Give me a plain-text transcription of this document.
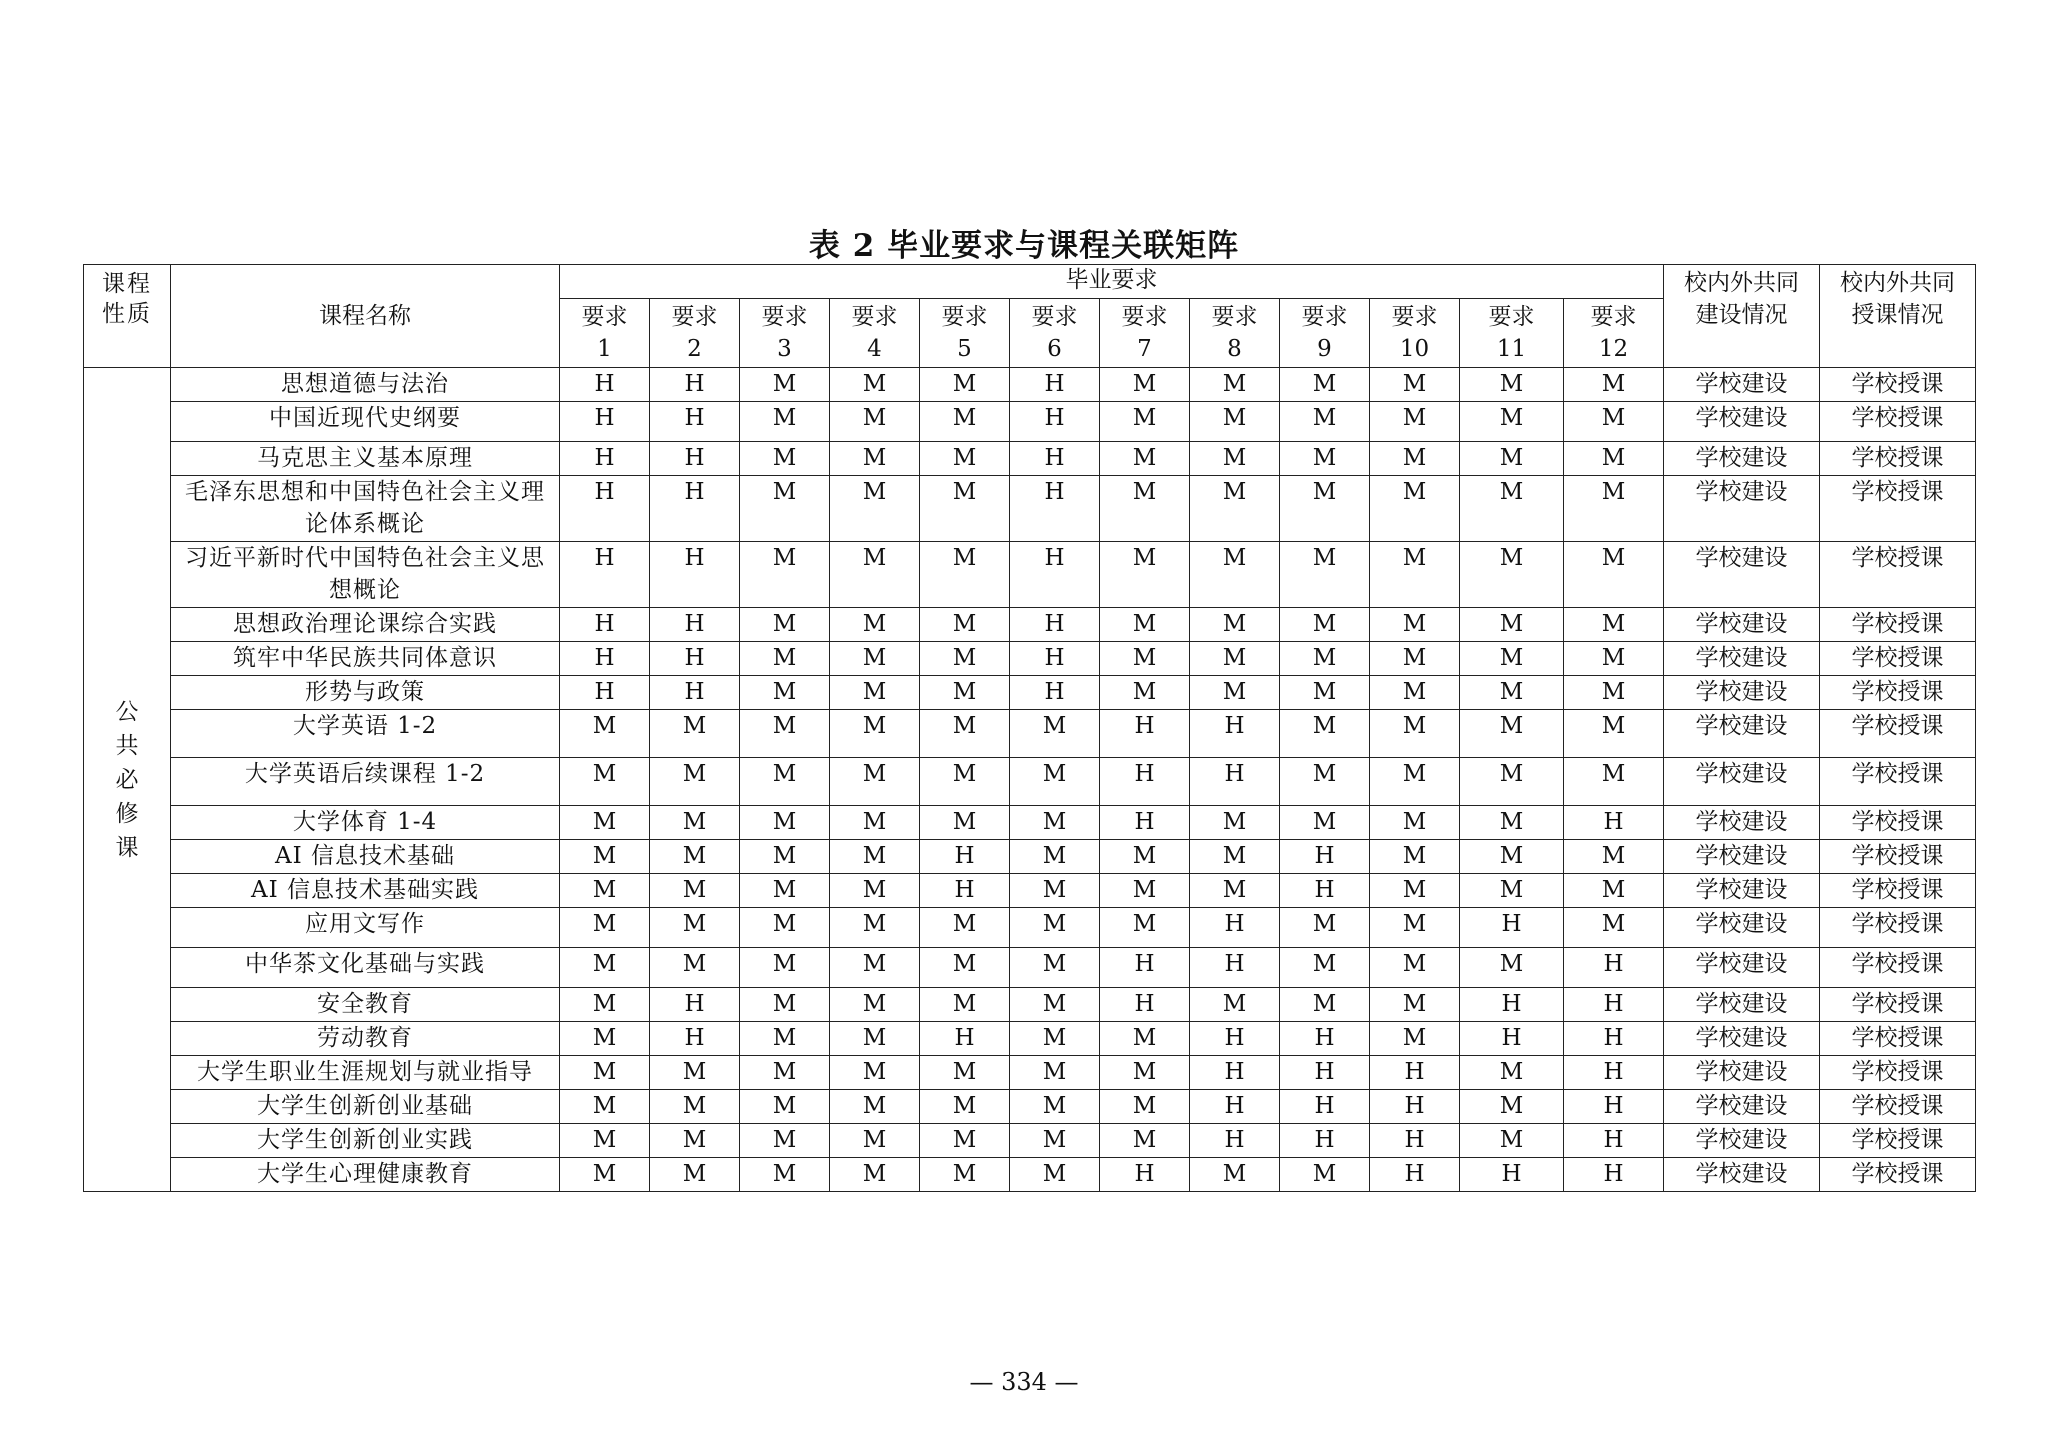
表 2 毕业要求与课程关联矩阵
课程性质	课程名称	毕业要求												校内外共同建设情况	校内外共同授课情况
		要求 1	要求 2	要求 3	要求 4	要求 5	要求 6	要求 7	要求 8	要求 9	要求 10	要求 11	要求 12		
公共必修课	思想道德与法治	H	H	M	M	M	H	M	M	M	M	M	M	学校建设	学校授课
	中国近现代史纲要	H	H	M	M	M	H	M	M	M	M	M	M	学校建设	学校授课
	马克思主义基本原理	H	H	M	M	M	H	M	M	M	M	M	M	学校建设	学校授课
	毛泽东思想和中国特色社会主义理论体系概论	H	H	M	M	M	H	M	M	M	M	M	M	学校建设	学校授课
	习近平新时代中国特色社会主义思想概论	H	H	M	M	M	H	M	M	M	M	M	M	学校建设	学校授课
	思想政治理论课综合实践	H	H	M	M	M	H	M	M	M	M	M	M	学校建设	学校授课
	筑牢中华民族共同体意识	H	H	M	M	M	H	M	M	M	M	M	M	学校建设	学校授课
	形势与政策	H	H	M	M	M	H	M	M	M	M	M	M	学校建设	学校授课
	大学英语 1-2	M	M	M	M	M	M	H	H	M	M	M	M	学校建设	学校授课
	大学英语后续课程 1-2	M	M	M	M	M	M	H	H	M	M	M	M	学校建设	学校授课
	大学体育 1-4	M	M	M	M	M	M	H	M	M	M	M	H	学校建设	学校授课
	AI 信息技术基础	M	M	M	M	H	M	M	M	H	M	M	M	学校建设	学校授课
	AI 信息技术基础实践	M	M	M	M	H	M	M	M	H	M	M	M	学校建设	学校授课
	应用文写作	M	M	M	M	M	M	M	H	M	M	H	M	学校建设	学校授课
	中华茶文化基础与实践	M	M	M	M	M	M	H	H	M	M	M	H	学校建设	学校授课
	安全教育	M	H	M	M	M	M	H	M	M	M	H	H	学校建设	学校授课
	劳动教育	M	H	M	M	H	M	M	H	H	M	H	H	学校建设	学校授课
	大学生职业生涯规划与就业指导	M	M	M	M	M	M	M	H	H	H	M	H	学校建设	学校授课
	大学生创新创业基础	M	M	M	M	M	M	M	H	H	H	M	H	学校建设	学校授课
	大学生创新创业实践	M	M	M	M	M	M	M	H	H	H	M	H	学校建设	学校授课
	大学生心理健康教育	M	M	M	M	M	M	H	M	M	H	H	H	学校建设	学校授课
— 334 —
